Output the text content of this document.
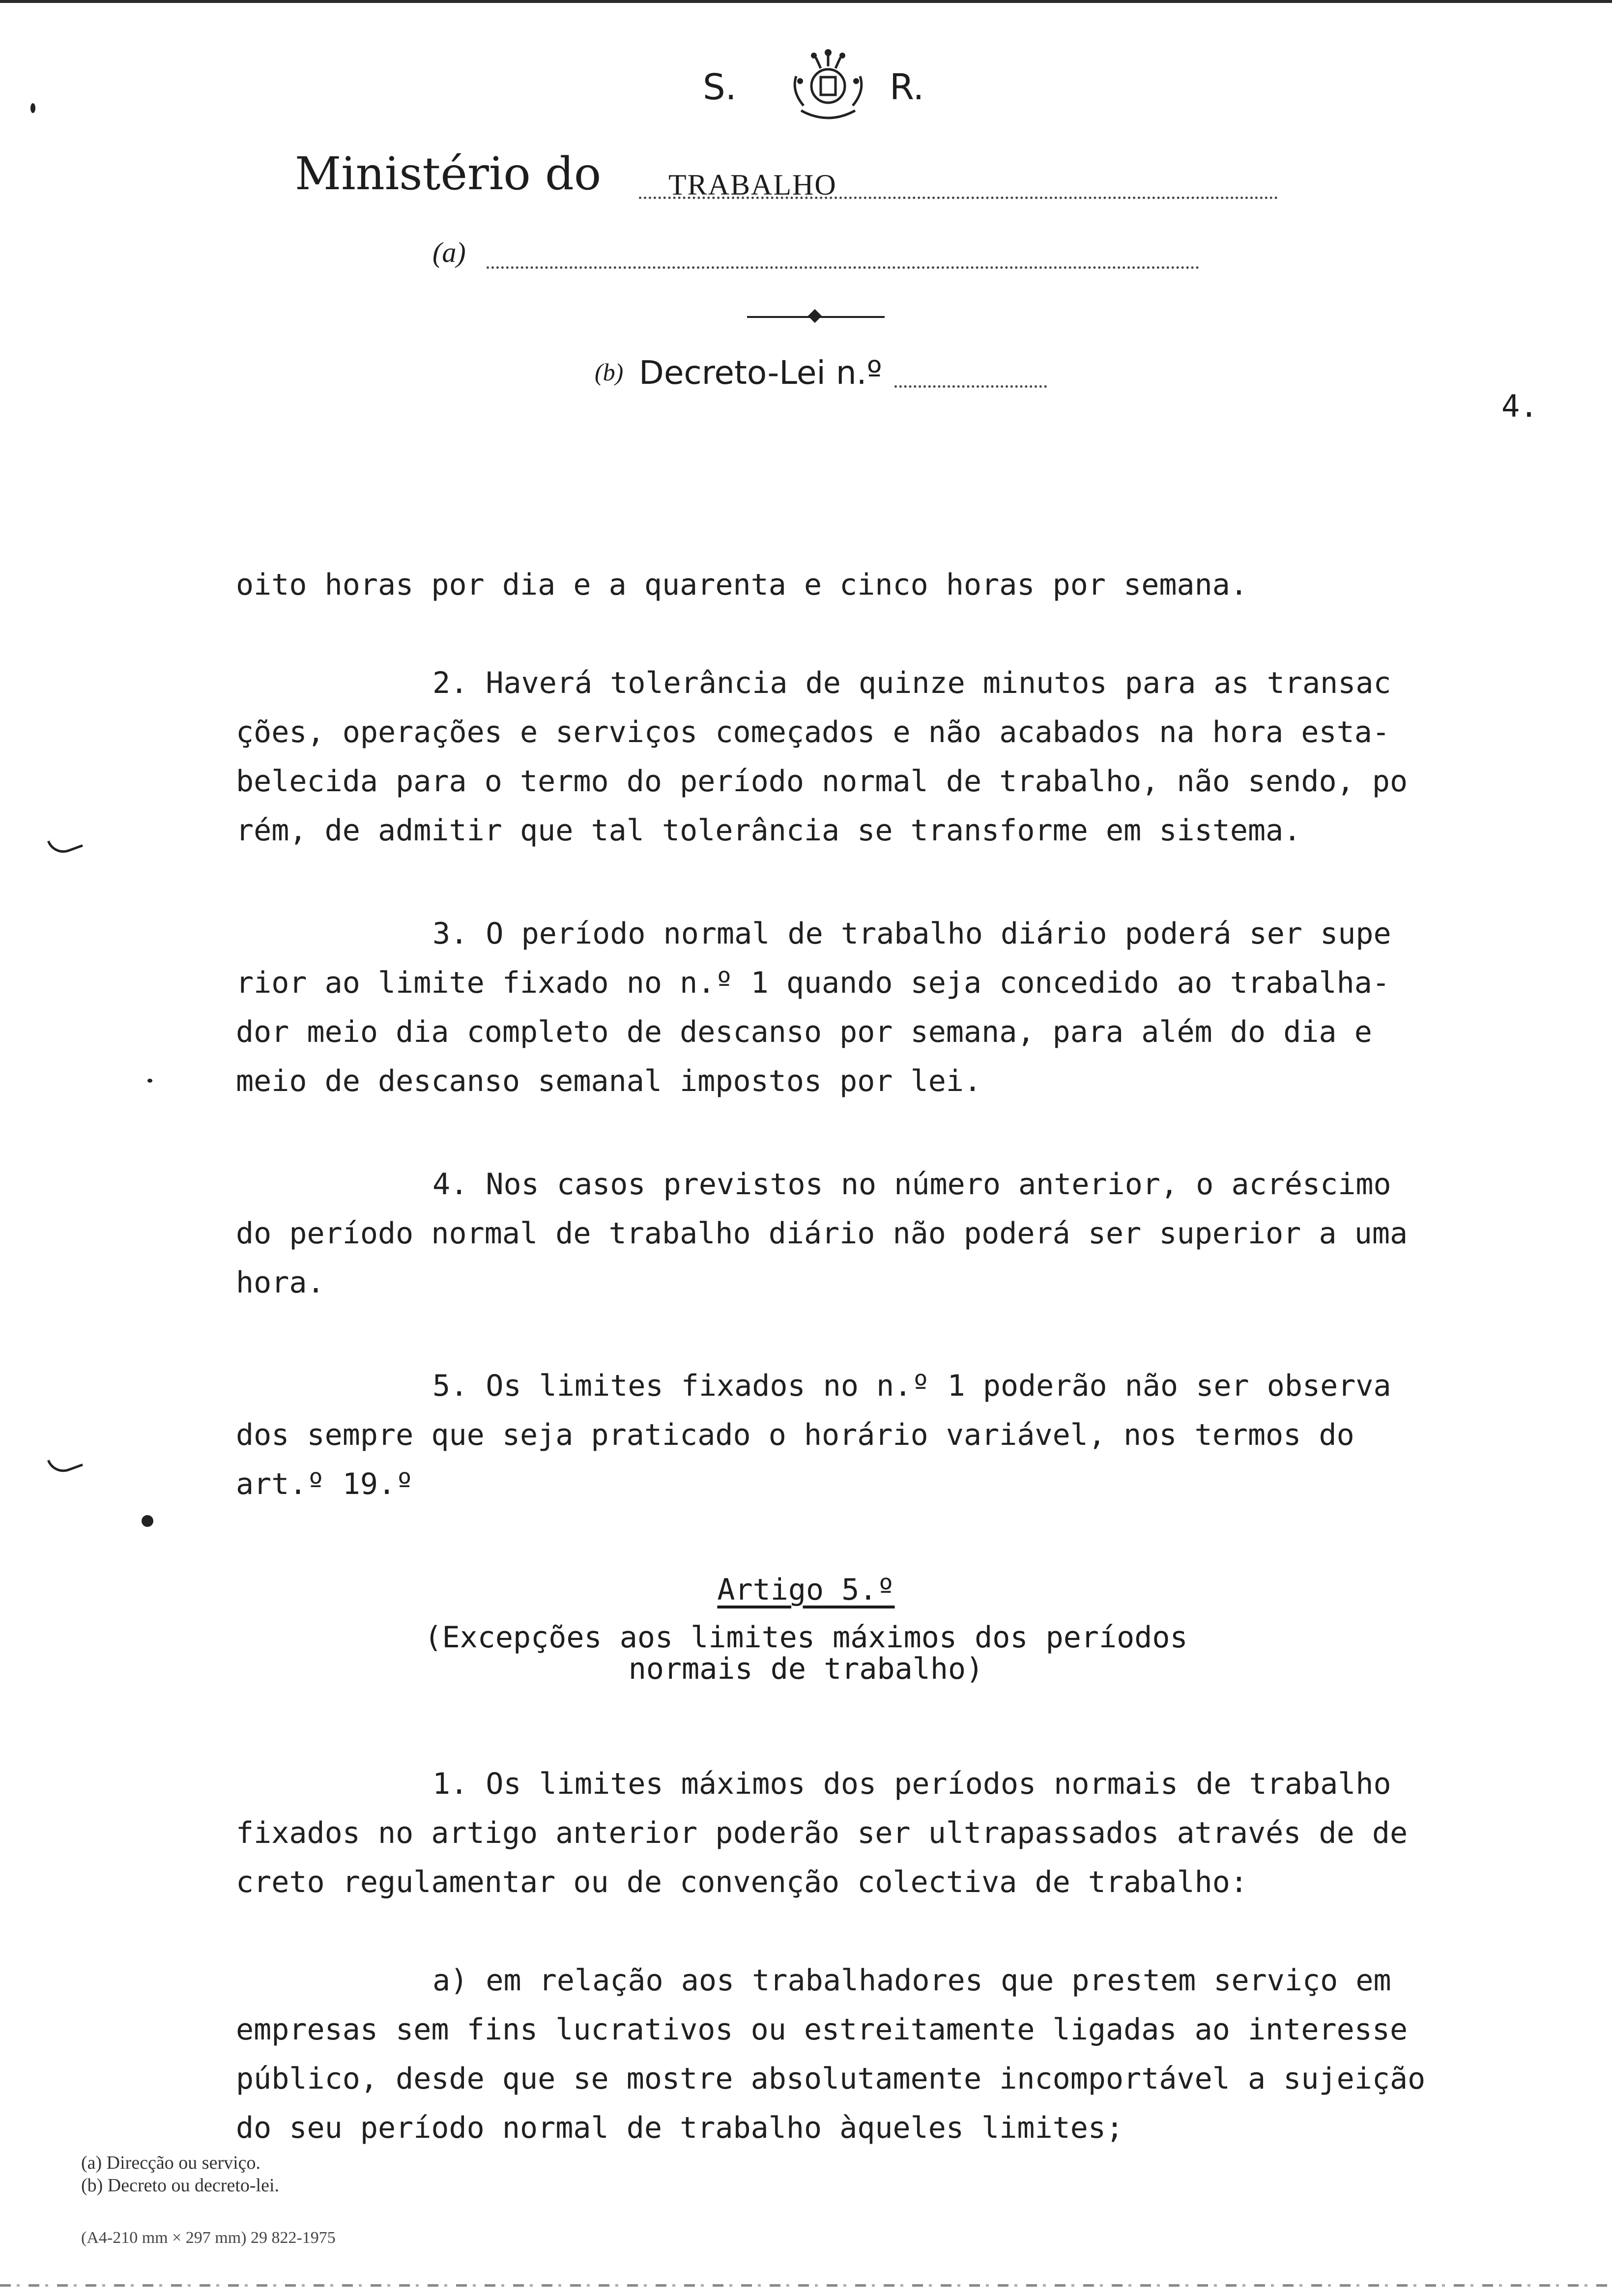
S.	R.
Ministério do TRABALHO
(a)
(b) Decreto-Lei n.º
4.

oito horas por dia e a quarenta e cinco horas por semana.

2. Haverá tolerância de quinze minutos para as transac

ções, operações e serviços começados e não acabados na hora esta-

belecida para o termo do período normal de trabalho, não sendo, po

rém, de admitir que tal tolerância se transforme em sistema.

3. O período normal de trabalho diário poderá ser supe

rior ao limite fixado no n.º 1 quando seja concedido ao trabalha-

dor meio dia completo de descanso por semana, para além do dia e

meio de descanso semanal impostos por lei.

4. Nos casos previstos no número anterior, o acréscimo

do período normal de trabalho diário não poderá ser superior a uma

hora.

5. Os limites fixados no n.º 1 poderão não ser observa

dos sempre que seja praticado o horário variável, nos termos do

art.º 19.º

Artigo 5.º

(Excepções aos limites máximos dos períodos

normais de trabalho)

1. Os limites máximos dos períodos normais de trabalho

fixados no artigo anterior poderão ser ultrapassados através de de

creto regulamentar ou de convenção colectiva de trabalho:

a) em relação aos trabalhadores que prestem serviço em

empresas sem fins lucrativos ou estreitamente ligadas ao interesse

público, desde que se mostre absolutamente incomportável a sujeição

do seu período normal de trabalho àqueles limites;

(a) Direcção ou serviço.

(b) Decreto ou decreto-lei.

(A4-210 mm × 297 mm) 29 822-1975
